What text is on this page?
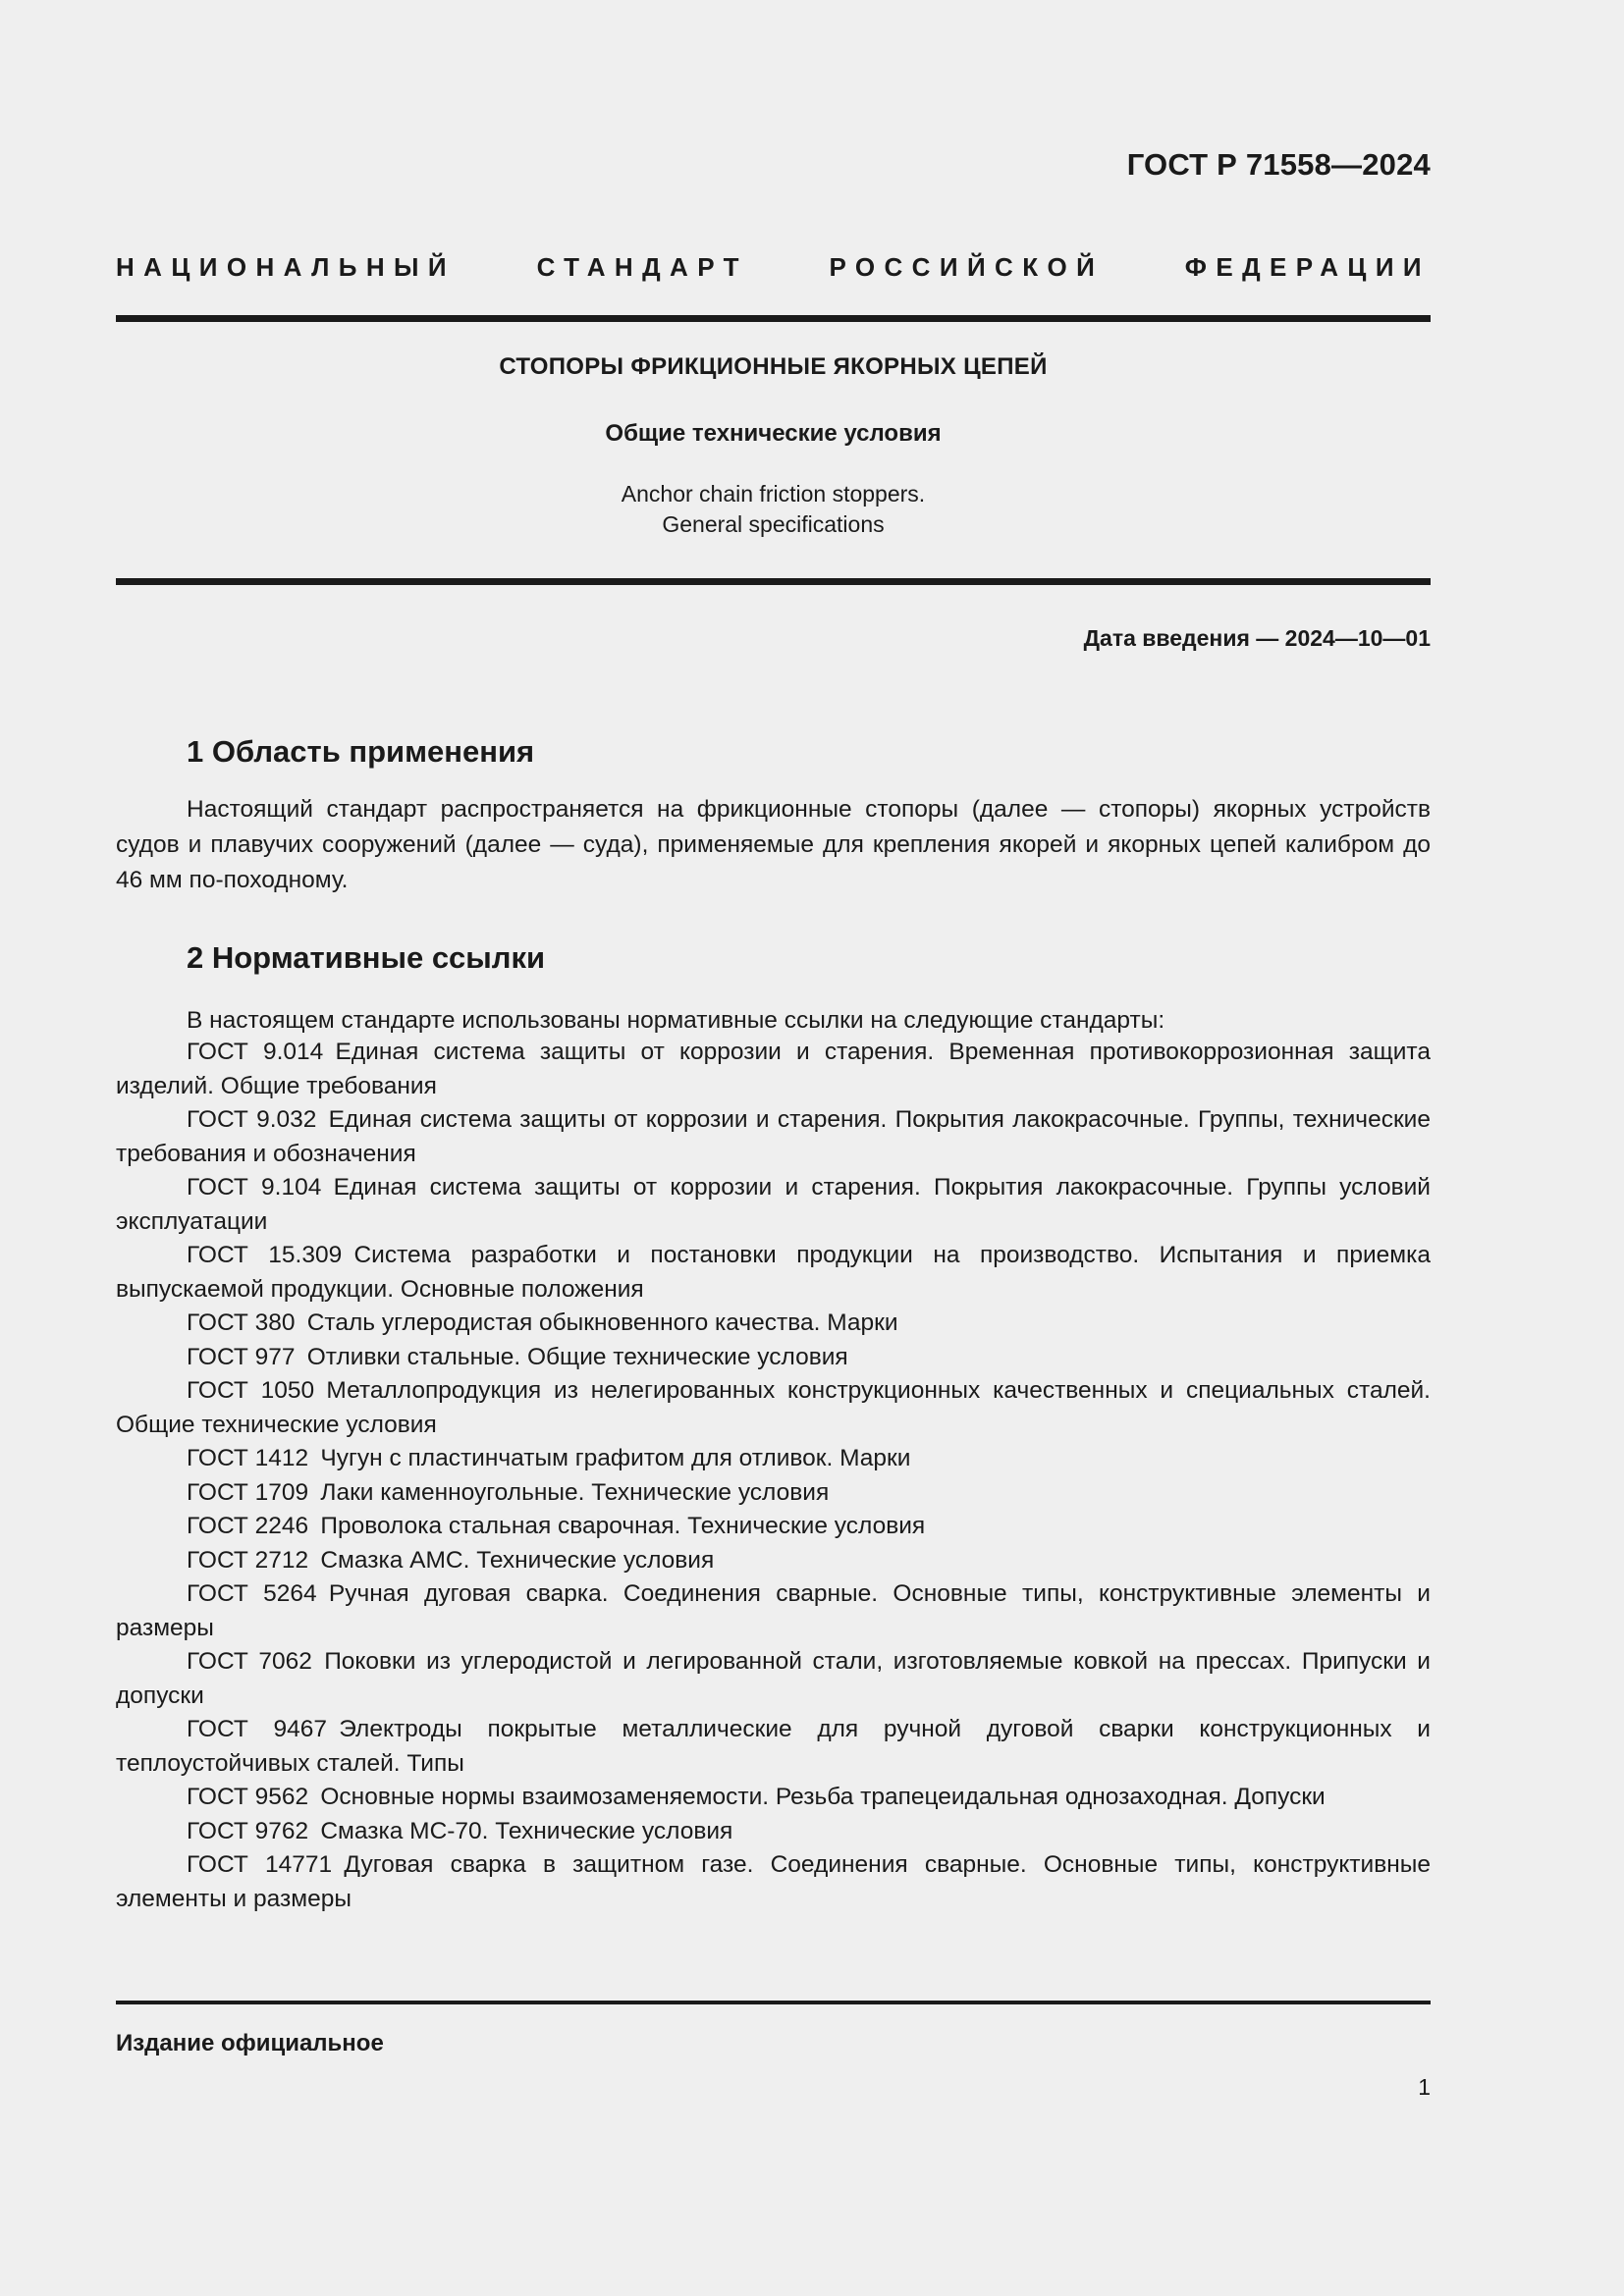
ГОСТ Р 71558—2024
НАЦИОНАЛЬНЫЙ СТАНДАРТ РОССИЙСКОЙ ФЕДЕРАЦИИ
СТОПОРЫ ФРИКЦИОННЫЕ ЯКОРНЫХ ЦЕПЕЙ
Общие технические условия
Anchor chain friction stoppers.
General specifications
Дата введения — 2024—10—01
1 Область применения
Настоящий стандарт распространяется на фрикционные стопоры (далее — стопоры) якорных устройств судов и плавучих сооружений (далее — суда), применяемые для крепления якорей и якорных цепей калибром до 46 мм по-походному.
2 Нормативные ссылки
В настоящем стандарте использованы нормативные ссылки на следующие стандарты:
ГОСТ 9.014  Единая система защиты от коррозии и старения. Временная противокоррозионная защита изделий. Общие требования
ГОСТ 9.032  Единая система защиты от коррозии и старения. Покрытия лакокрасочные. Группы, технические требования и обозначения
ГОСТ 9.104  Единая система защиты от коррозии и старения. Покрытия лакокрасочные. Группы условий эксплуатации
ГОСТ 15.309  Система разработки и постановки продукции на производство. Испытания и приемка выпускаемой продукции. Основные положения
ГОСТ 380  Сталь углеродистая обыкновенного качества. Марки
ГОСТ 977  Отливки стальные. Общие технические условия
ГОСТ 1050  Металлопродукция из нелегированных конструкционных качественных и специальных сталей. Общие технические условия
ГОСТ 1412  Чугун с пластинчатым графитом для отливок. Марки
ГОСТ 1709  Лаки каменноугольные. Технические условия
ГОСТ 2246  Проволока стальная сварочная. Технические условия
ГОСТ 2712  Смазка АМС. Технические условия
ГОСТ 5264  Ручная дуговая сварка. Соединения сварные. Основные типы, конструктивные элементы и размеры
ГОСТ 7062  Поковки из углеродистой и легированной стали, изготовляемые ковкой на прессах. Припуски и допуски
ГОСТ 9467  Электроды покрытые металлические для ручной дуговой сварки конструкционных и теплоустойчивых сталей. Типы
ГОСТ 9562  Основные нормы взаимозаменяемости. Резьба трапецеидальная однозаходная. Допуски
ГОСТ 9762  Смазка МС-70. Технические условия
ГОСТ 14771  Дуговая сварка в защитном газе. Соединения сварные. Основные типы, конструктивные элементы и размеры
Издание официальное
1
